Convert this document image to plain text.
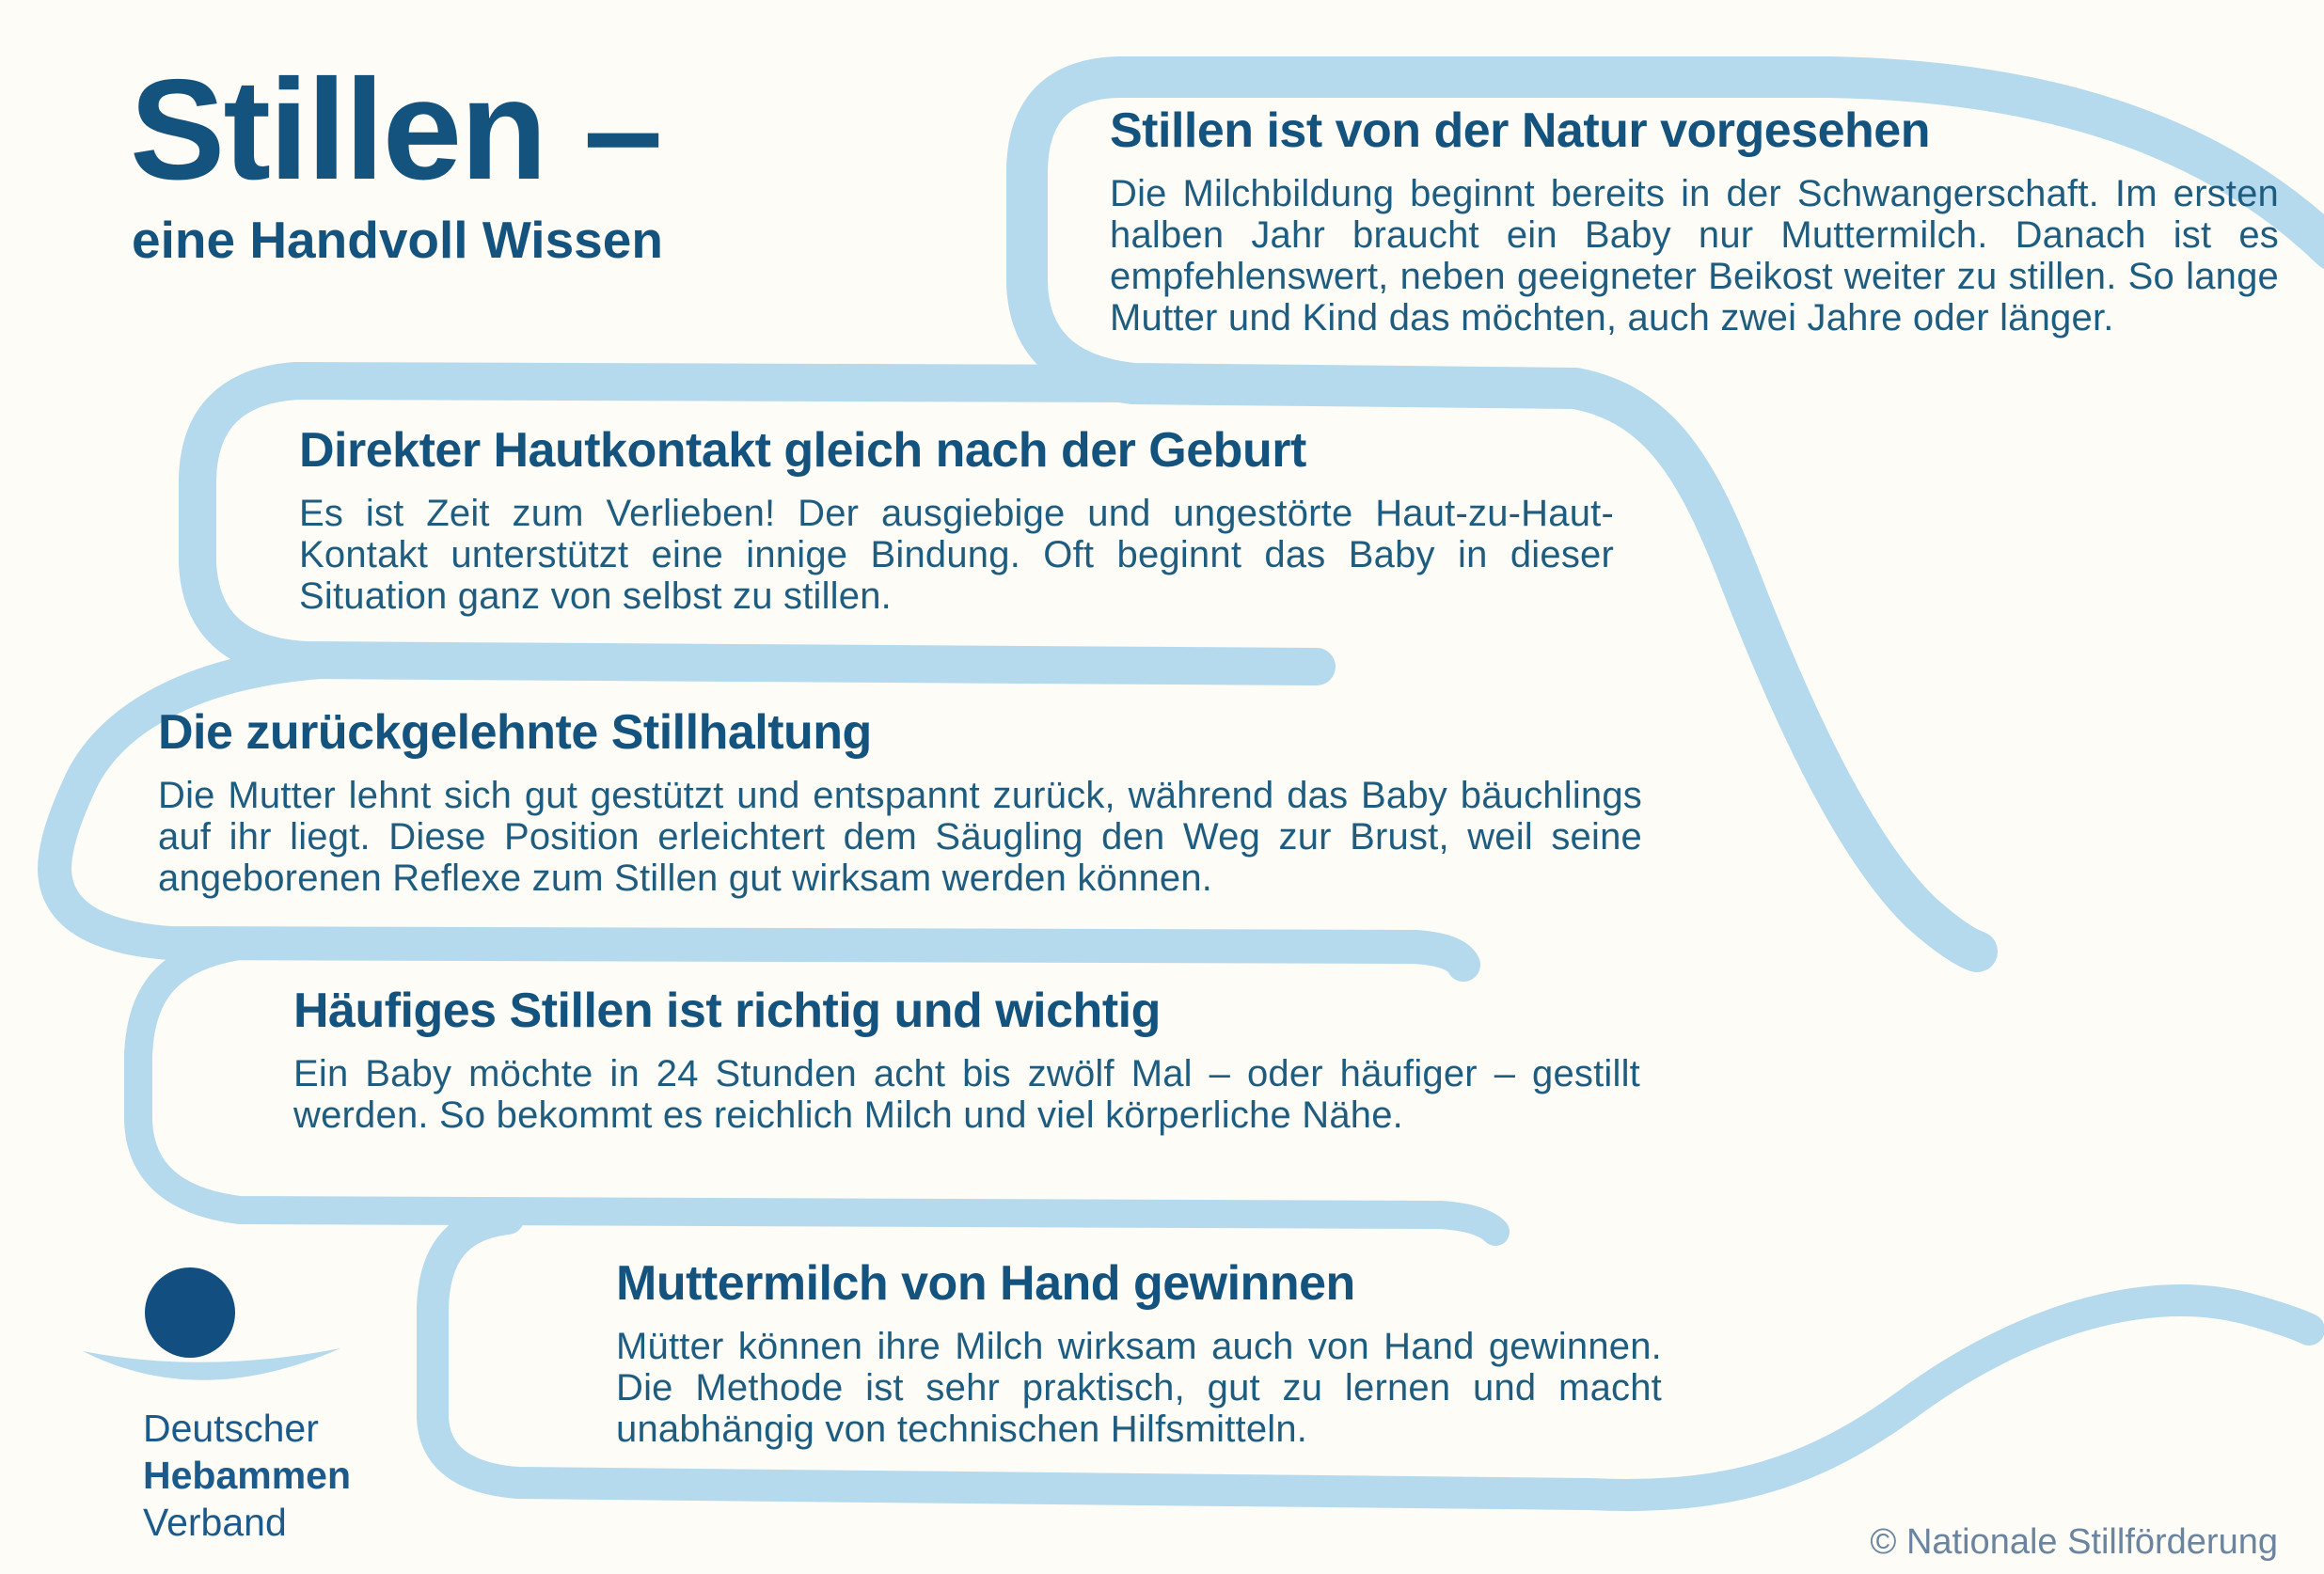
Stillen –
eine Handvoll Wissen
Stillen ist von der Natur vorgesehen

Die Milchbildung beginnt bereits in der Schwangerschaft. Im ersten halben Jahr braucht ein Baby nur Muttermilch. Danach ist es empfehlenswert, neben geeigneter Beikost weiter zu stillen. So lange Mutter und Kind das möchten, auch zwei Jahre oder länger.

Direkter Hautkontakt gleich nach der Geburt

Es ist Zeit zum Verlieben! Der ausgiebige und ungestörte Haut-zu-Haut-Kontakt unterstützt eine innige Bindung. Oft beginnt das Baby in dieser Situation ganz von selbst zu stillen.

Die zurückgelehnte Stillhaltung

Die Mutter lehnt sich gut gestützt und entspannt zurück, während das Baby bäuchlings auf ihr liegt. Diese Position erleichtert dem Säugling den Weg zur Brust, weil seine angeborenen Reflexe zum Stillen gut wirksam werden können.

Häufiges Stillen ist richtig und wichtig

Ein Baby möchte in 24 Stunden acht bis zwölf Mal – oder häufiger – gestillt werden. So bekommt es reichlich Milch und viel körperliche Nähe.

Muttermilch von Hand gewinnen

Mütter können ihre Milch wirksam auch von Hand gewinnen. Die Methode ist sehr praktisch, gut zu lernen und macht unabhängig von technischen Hilfsmitteln.

Deutscher
Hebammen
Verband	© Nationale Stillförderung
